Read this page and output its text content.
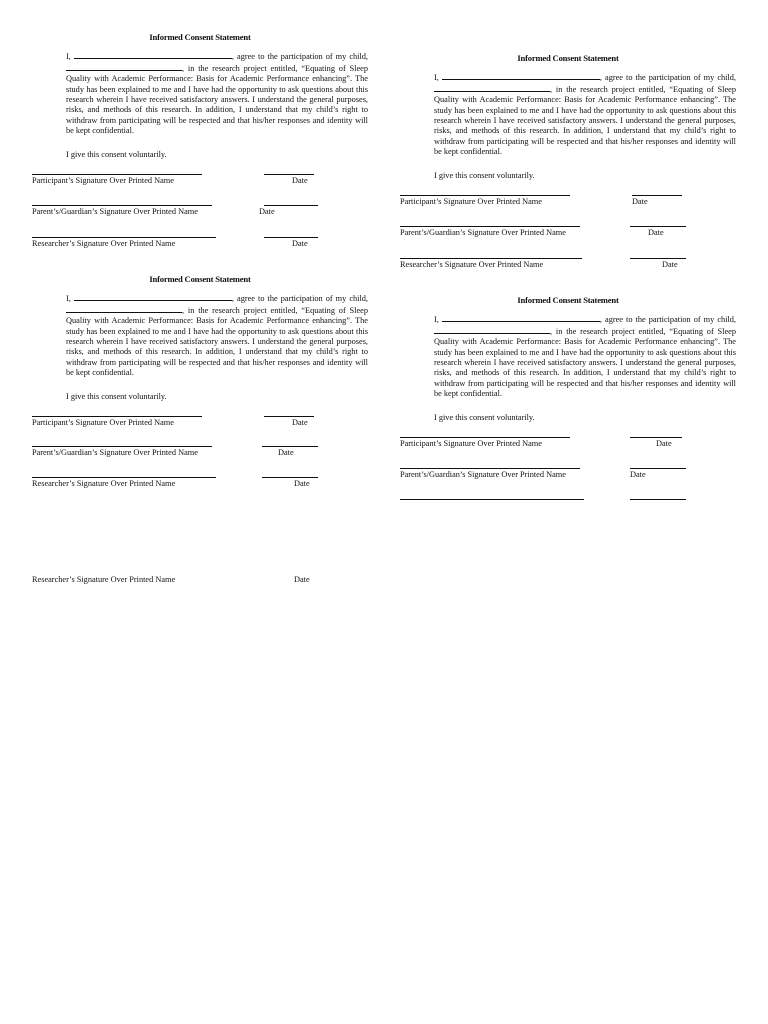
Informed Consent Statement

I,	, agree to the participation of my child, , in the research project entitled, “Equating of Sleep Quality with Academic Performance: Basis for Academic Performance enhancing”. The study has been explained to me and I have had the opportunity to ask questions about this research wherein I have received satisfactory answers. I understand the general purposes, risks, and methods of this research. In addition, I understand that my child’s right to withdraw from participating will be respected and that his/her responses and identity will be kept confidential.

I give this consent voluntarily.
Participant’s Signature Over Printed Name	Date
Parent’s/Guardian’s Signature Over Printed Name	Date
Researcher’s Signature Over Printed Name	Date
Informed Consent Statement

I,	, agree to the participation of my child, , in the research project entitled, “Equating of Sleep Quality with Academic Performance: Basis for Academic Performance enhancing”. The study has been explained to me and I have had the opportunity to ask questions about this research wherein I have received satisfactory answers. I understand the general purposes, risks, and methods of this research. In addition, I understand that my child’s right to withdraw from participating will be respected and that his/her responses and identity will be kept confidential.

I give this consent voluntarily.
Participant’s Signature Over Printed Name	Date
Parent’s/Guardian’s Signature Over Printed Name	Date
Researcher’s Signature Over Printed Name	Date
Informed Consent Statement

I,	, agree to the participation of my child, , in the research project entitled, “Equating of Sleep Quality with Academic Performance: Basis for Academic Performance enhancing”. The study has been explained to me and I have had the opportunity to ask questions about this research wherein I have received satisfactory answers. I understand the general purposes, risks, and methods of this research. In addition, I understand that my child’s right to withdraw from participating will be respected and that his/her responses and identity will be kept confidential.

I give this consent voluntarily.
Participant’s Signature Over Printed Name	Date
Parent’s/Guardian’s Signature Over Printed Name	Date
Researcher’s Signature Over Printed Name	Date
Informed Consent Statement

I,	, agree to the participation of my child, , in the research project entitled, “Equating of Sleep Quality with Academic Performance: Basis for Academic Performance enhancing”. The study has been explained to me and I have had the opportunity to ask questions about this research wherein I have received satisfactory answers. I understand the general purposes, risks, and methods of this research. In addition, I understand that my child’s right to withdraw from participating will be respected and that his/her responses and identity will be kept confidential.

I give this consent voluntarily.
Participant’s Signature Over Printed Name	Date
Parent’s/Guardian’s Signature Over Printed Name	Date
Researcher’s Signature Over Printed Name	Date
